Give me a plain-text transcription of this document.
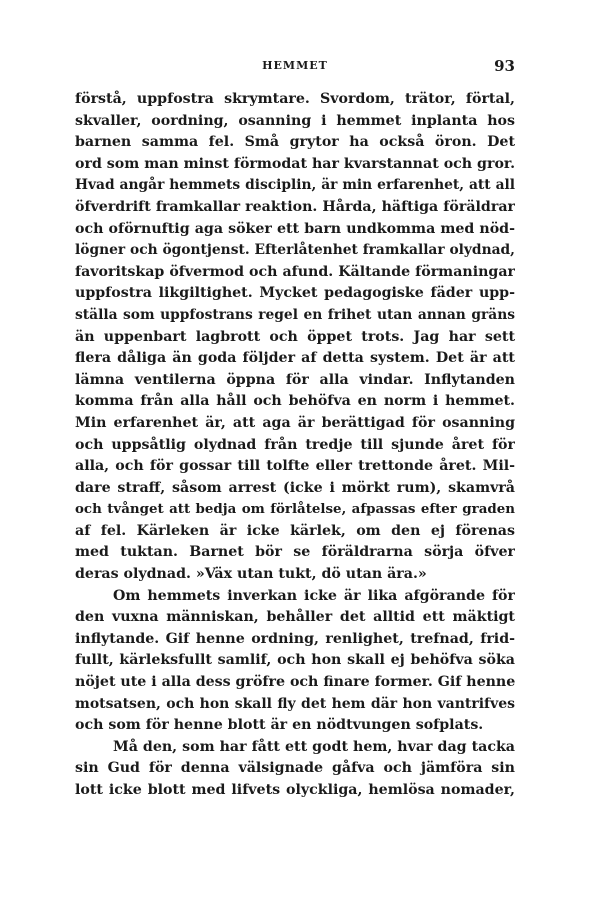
HEMMET	93
förstå, uppfostra skrymtare. Svordom, trätor, förtal,
skvaller, oordning, osanning i hemmet inplanta hos
barnen samma fel. Små grytor ha också öron. Det
ord som man minst förmodat har kvarstannat och gror.
Hvad angår hemmets disciplin, är min erfarenhet, att all
öfverdrift framkallar reaktion. Hårda, häftiga föräldrar
och oförnuftig aga söker ett barn undkomma med nöd-
lögner och ögontjenst. Efterlåtenhet framkallar olydnad,
favoritskap öfvermod och afund. Kältande förmaningar
uppfostra likgiltighet. Mycket pedagogiske fäder upp-
ställa som uppfostrans regel en frihet utan annan gräns
än uppenbart lagbrott och öppet trots. Jag har sett
flera dåliga än goda följder af detta system. Det är att
lämna ventilerna öppna för alla vindar. Inflytanden
komma från alla håll och behöfva en norm i hemmet.
Min erfarenhet är, att aga är berättigad för osanning
och uppsåtlig olydnad från tredje till sjunde året för
alla, och för gossar till tolfte eller trettonde året. Mil-
dare straff, såsom arrest (icke i mörkt rum), skamvrå
och tvånget att bedja om förlåtelse, afpassas efter graden
af fel. Kärleken är icke kärlek, om den ej förenas
med tuktan. Barnet bör se föräldrarna sörja öfver
deras olydnad. »Väx utan tukt, dö utan ära.»
Om hemmets inverkan icke är lika afgörande för
den vuxna människan, behåller det alltid ett mäktigt
inflytande. Gif henne ordning, renlighet, trefnad, frid-
fullt, kärleksfullt samlif, och hon skall ej behöfva söka
nöjet ute i alla dess gröfre och finare former. Gif henne
motsatsen, och hon skall fly det hem där hon vantrifves
och som för henne blott är en nödtvungen sofplats.
Må den, som har fått ett godt hem, hvar dag tacka
sin Gud för denna välsignade gåfva och jämföra sin
lott icke blott med lifvets olyckliga, hemlösa nomader,
